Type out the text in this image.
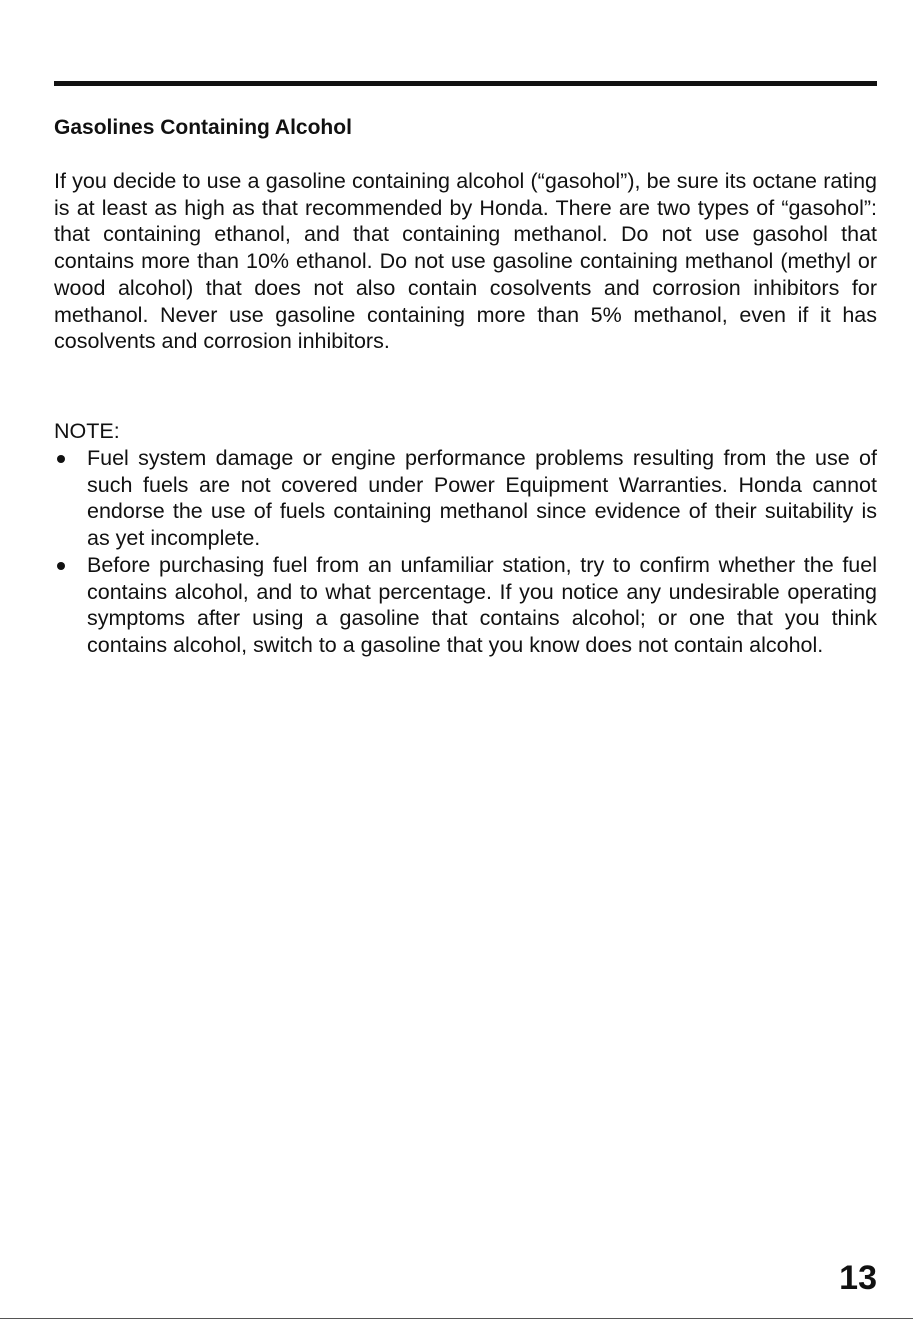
Gasolines Containing Alcohol

If you decide to use a gasoline containing alcohol (“gasohol”), be sure its octane rating is at least as high as that recommended by Honda. There are two types of “gasohol”: that containing ethanol, and that containing methanol. Do not use gasohol that contains more than 10% ethanol. Do not use gasoline containing methanol (methyl or wood alcohol) that does not also contain cosolvents and corrosion inhibitors for methanol. Never use gasoline containing more than 5% methanol, even if it has cosolvents and corrosion inhibitors.

NOTE:
Fuel system damage or engine performance problems resulting from the use of such fuels are not covered under Power Equipment Warranties. Honda cannot endorse the use of fuels containing methanol since evidence of their suitability is as yet incomplete.
Before purchasing fuel from an unfamiliar station, try to confirm whether the fuel contains alcohol, and to what percentage. If you notice any undesirable operating symptoms after using a gasoline that contains alcohol; or one that you think contains alcohol, switch to a gasoline that you know does not contain alcohol.
13
